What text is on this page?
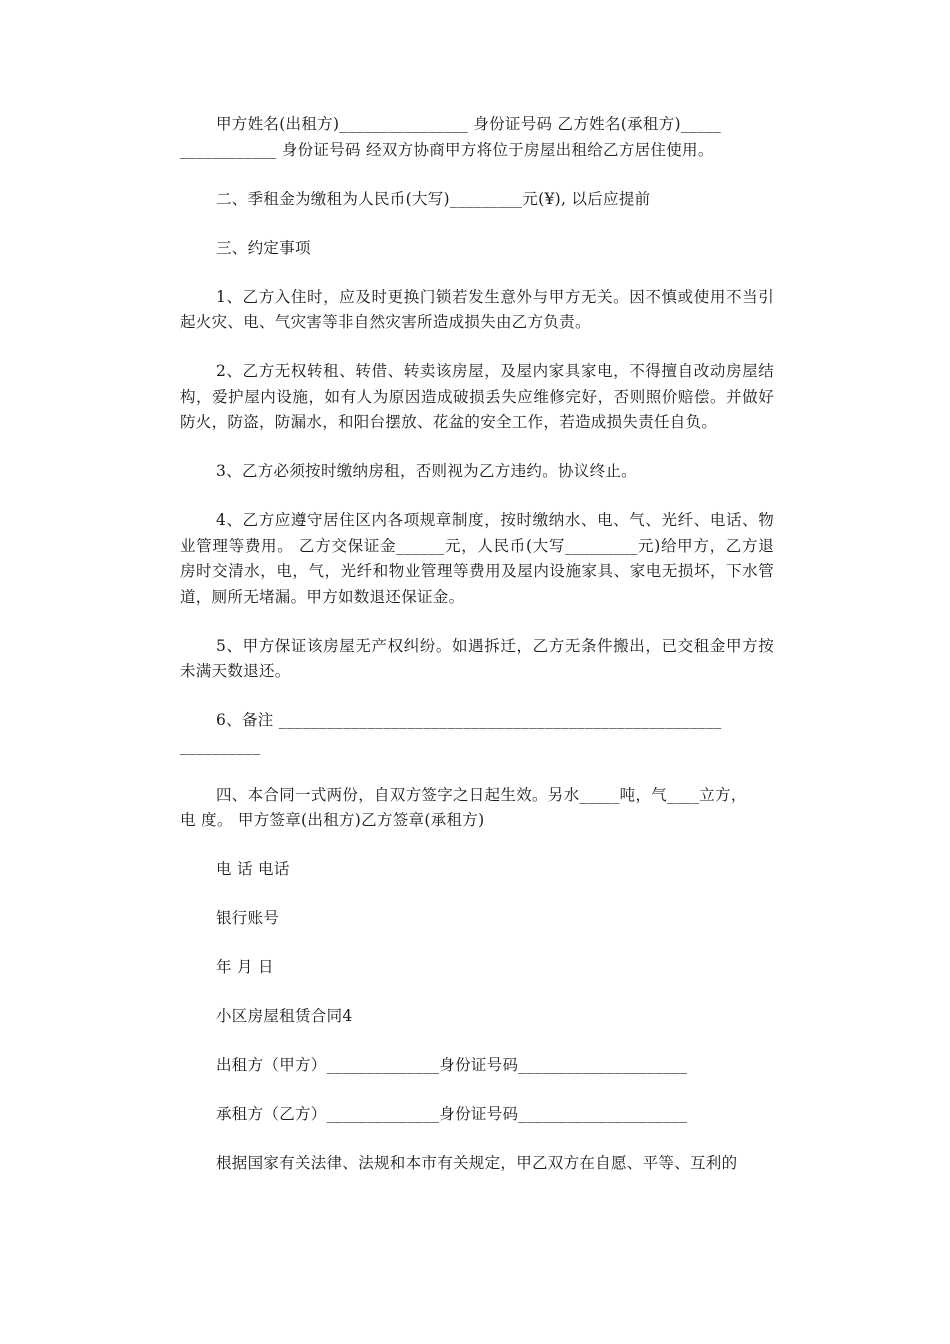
甲方姓名(出租方)________________ 身份证号码 乙方姓名(承租方)_____
____________ 身份证号码 经双方协商甲方将位于房屋出租给乙方居住使用。

二、季租金为缴租为人民币(大写)_________元(¥), 以后应提前

三、约定事项

1、乙方入住时，应及时更换门锁若发生意外与甲方无关。因不慎或使用不当引起火灾、电、气灾害等非自然灾害所造成损失由乙方负责。

2、乙方无权转租、转借、转卖该房屋，及屋内家具家电，不得擅自改动房屋结构，爱护屋内设施，如有人为原因造成破损丢失应维修完好，否则照价赔偿。并做好防火，防盗，防漏水，和阳台摆放、花盆的安全工作，若造成损失责任自负。

3、乙方必须按时缴纳房租，否则视为乙方违约。协议终止。

4、乙方应遵守居住区内各项规章制度，按时缴纳水、电、气、光纤、电话、物业管理等费用。 乙方交保证金______元，人民币(大写_________元)给甲方，乙方退房时交清水，电，气，光纤和物业管理等费用及屋内设施家具、家电无损坏，下水管道，厕所无堵漏。甲方如数退还保证金。

5、甲方保证该房屋无产权纠纷。如遇拆迁，乙方无条件搬出，已交租金甲方按未满天数退还。

6、备注 _______________________________________________________
__________

四、本合同一式两份，自双方签字之日起生效。另水_____吨，气____立方，
电 度。 甲方签章(出租方)乙方签章(承租方)

电 话 电话

银行账号

年 月 日

小区房屋租赁合同4

出租方（甲方）______________身份证号码_____________________

承租方（乙方）______________身份证号码_____________________

根据国家有关法律、法规和本市有关规定，甲乙双方在自愿、平等、互利的
